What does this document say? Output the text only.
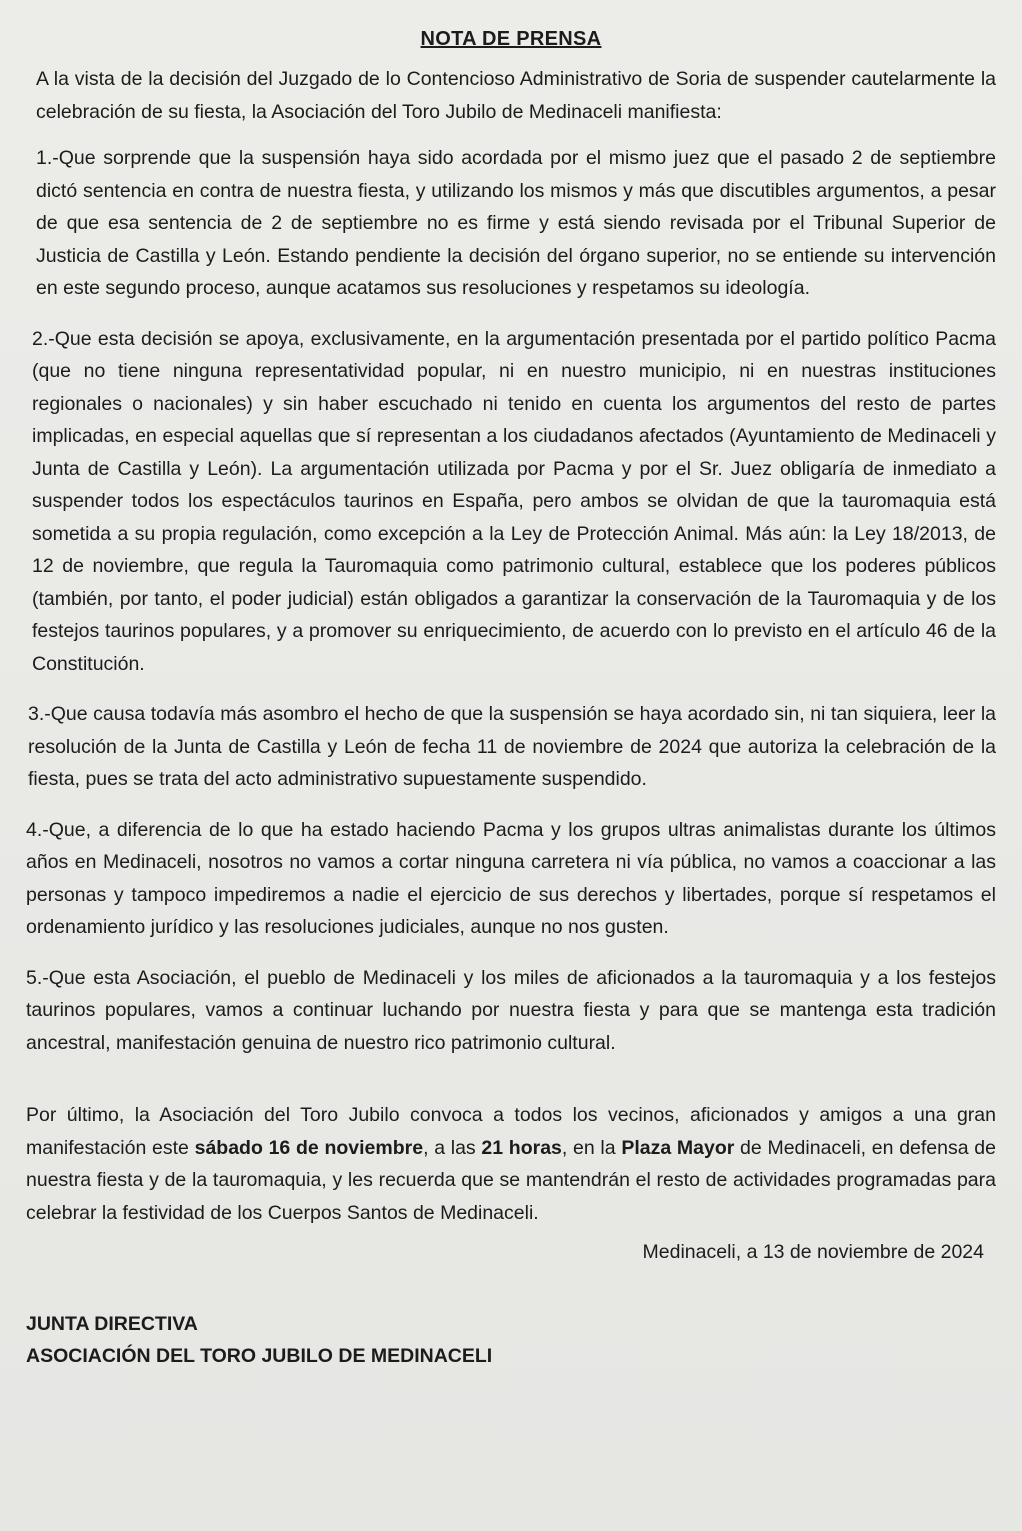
NOTA DE PRENSA

A la vista de la decisión del Juzgado de lo Contencioso Administrativo de Soria de suspender cautelarmente la celebración de su fiesta, la Asociación del Toro Jubilo de Medinaceli manifiesta:

1.-Que sorprende que la suspensión haya sido acordada por el mismo juez que el pasado 2 de septiembre dictó sentencia en contra de nuestra fiesta, y utilizando los mismos y más que discutibles argumentos, a pesar de que esa sentencia de 2 de septiembre no es firme y está siendo revisada por el Tribunal Superior de Justicia de Castilla y León. Estando pendiente la decisión del órgano superior, no se entiende su intervención en este segundo proceso, aunque acatamos sus resoluciones y respetamos su ideología.

2.-Que esta decisión se apoya, exclusivamente, en la argumentación presentada por el partido político Pacma (que no tiene ninguna representatividad popular, ni en nuestro municipio, ni en nuestras instituciones regionales o nacionales) y sin haber escuchado ni tenido en cuenta los argumentos del resto de partes implicadas, en especial aquellas que sí representan a los ciudadanos afectados (Ayuntamiento de Medinaceli y Junta de Castilla y León). La argumentación utilizada por Pacma y por el Sr. Juez obligaría de inmediato a suspender todos los espectáculos taurinos en España, pero ambos se olvidan de que la tauromaquia está sometida a su propia regulación, como excepción a la Ley de Protección Animal. Más aún: la Ley 18/2013, de 12 de noviembre, que regula la Tauromaquia como patrimonio cultural, establece que los poderes públicos (también, por tanto, el poder judicial) están obligados a garantizar la conservación de la Tauromaquia y de los festejos taurinos populares, y a promover su enriquecimiento, de acuerdo con lo previsto en el artículo 46 de la Constitución.

3.-Que causa todavía más asombro el hecho de que la suspensión se haya acordado sin, ni tan siquiera, leer la resolución de la Junta de Castilla y León de fecha 11 de noviembre de 2024 que autoriza la celebración de la fiesta, pues se trata del acto administrativo supuestamente suspendido.

4.-Que, a diferencia de lo que ha estado haciendo Pacma y los grupos ultras animalistas durante los últimos años en Medinaceli, nosotros no vamos a cortar ninguna carretera ni vía pública, no vamos a coaccionar a las personas y tampoco impediremos a nadie el ejercicio de sus derechos y libertades, porque sí respetamos el ordenamiento jurídico y las resoluciones judiciales, aunque no nos gusten.

5.-Que esta Asociación, el pueblo de Medinaceli y los miles de aficionados a la tauromaquia y a los festejos taurinos populares, vamos a continuar luchando por nuestra fiesta y para que se mantenga esta tradición ancestral, manifestación genuina de nuestro rico patrimonio cultural.

Por último, la Asociación del Toro Jubilo convoca a todos los vecinos, aficionados y amigos a una gran manifestación este sábado 16 de noviembre, a las 21 horas, en la Plaza Mayor de Medinaceli, en defensa de nuestra fiesta y de la tauromaquia, y les recuerda que se mantendrán el resto de actividades programadas para celebrar la festividad de los Cuerpos Santos de Medinaceli.

Medinaceli, a 13 de noviembre de 2024
JUNTA DIRECTIVA
ASOCIACIÓN DEL TORO JUBILO DE MEDINACELI
